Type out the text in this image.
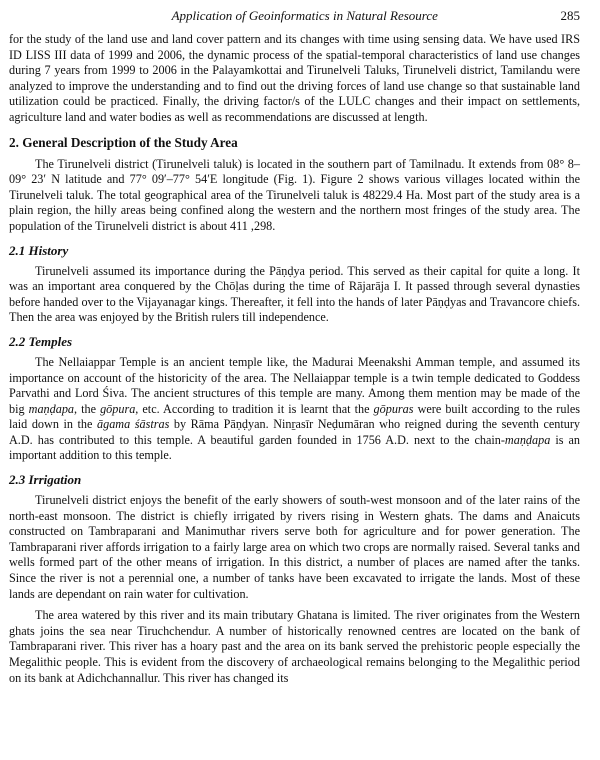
Application of Geoinformatics in Natural Resource	285

for the study of the land use and land cover pattern and its changes with time using sensing data. We have used IRS ID LISS III data of 1999 and 2006, the dynamic process of the spatial-temporal characteristics of land use changes during 7 years from 1999 to 2006 in the Palayamkottai and Tirunelveli Taluks, Tirunelveli district, Tamilandu were analyzed to improve the understanding and to find out the driving forces of land use change so that sustainable land utilization could be practiced. Finally, the driving factor/s of the LULC changes and their impact on settlements, agriculture land and water bodies as well as recommendations are discussed at length.

2. General Description of the Study Area

The Tirunelveli district (Tirunelveli taluk) is located in the southern part of Tamilnadu. It extends from 08° 8–09° 23′ N latitude and 77° 09′–77° 54′E longitude (Fig. 1). Figure 2 shows various villages located within the Tirunelveli taluk. The total geographical area of the Tirunelveli taluk is 48229.4 Ha. Most part of the study area is a plain region, the hilly areas being confined along the western and the northern most fringes of the study area. The population of the Tirunelveli district is about 411 ,298.

2.1 History

Tirunelveli assumed its importance during the Pāṇḍya period. This served as their capital for quite a long. It was an important area conquered by the Chōḷas during the time of Rājarāja I. It passed through several dynasties before handed over to the Vijayanagar kings. Thereafter, it fell into the hands of later Pāṇḍyas and Travancore chiefs. Then the area was enjoyed by the British rulers till independence.

2.2 Temples

The Nellaiappar Temple is an ancient temple like, the Madurai Meenakshi Amman temple, and assumed its importance on account of the historicity of the area. The Nellaiappar temple is a twin temple dedicated to Goddess Parvathi and Lord Śiva. The ancient structures of this temple are many. Among them mention may be made of the big maṇḍapa, the gōpura, etc. According to tradition it is learnt that the gōpuras were built according to the rules laid down in the āgama śāstras by Rāma Pāṇḍyan. Ninṟasīr Neḍumāran who reigned during the seventh century A.D. has contributed to this temple. A beautiful garden founded in 1756 A.D. next to the chain-maṇḍapa is an important addition to this temple.

2.3 Irrigation

Tirunelveli district enjoys the benefit of the early showers of south-west monsoon and of the later rains of the north-east monsoon. The district is chiefly irrigated by rivers rising in Western ghats. The dams and Anaicuts constructed on Tambraparani and Manimuthar rivers serve both for agriculture and for power generation. The Tambraparani river affords irrigation to a fairly large area on which two crops are normally raised. Several tanks and wells formed part of the other means of irrigation. In this district, a number of places are named after the tanks. Since the river is not a perennial one, a number of tanks have been excavated to irrigate the lands. Most of these lands are dependant on rain water for cultivation.

The area watered by this river and its main tributary Ghatana is limited. The river originates from the Western ghats joins the sea near Tiruchchendur. A number of historically renowned centres are located on the bank of Tambraparani river. This river has a hoary past and the area on its bank served the prehistoric people especially the Megalithic people. This is evident from the discovery of archaeological remains belonging to the Megalithic period on its bank at Adichchannallur. This river has changed its
